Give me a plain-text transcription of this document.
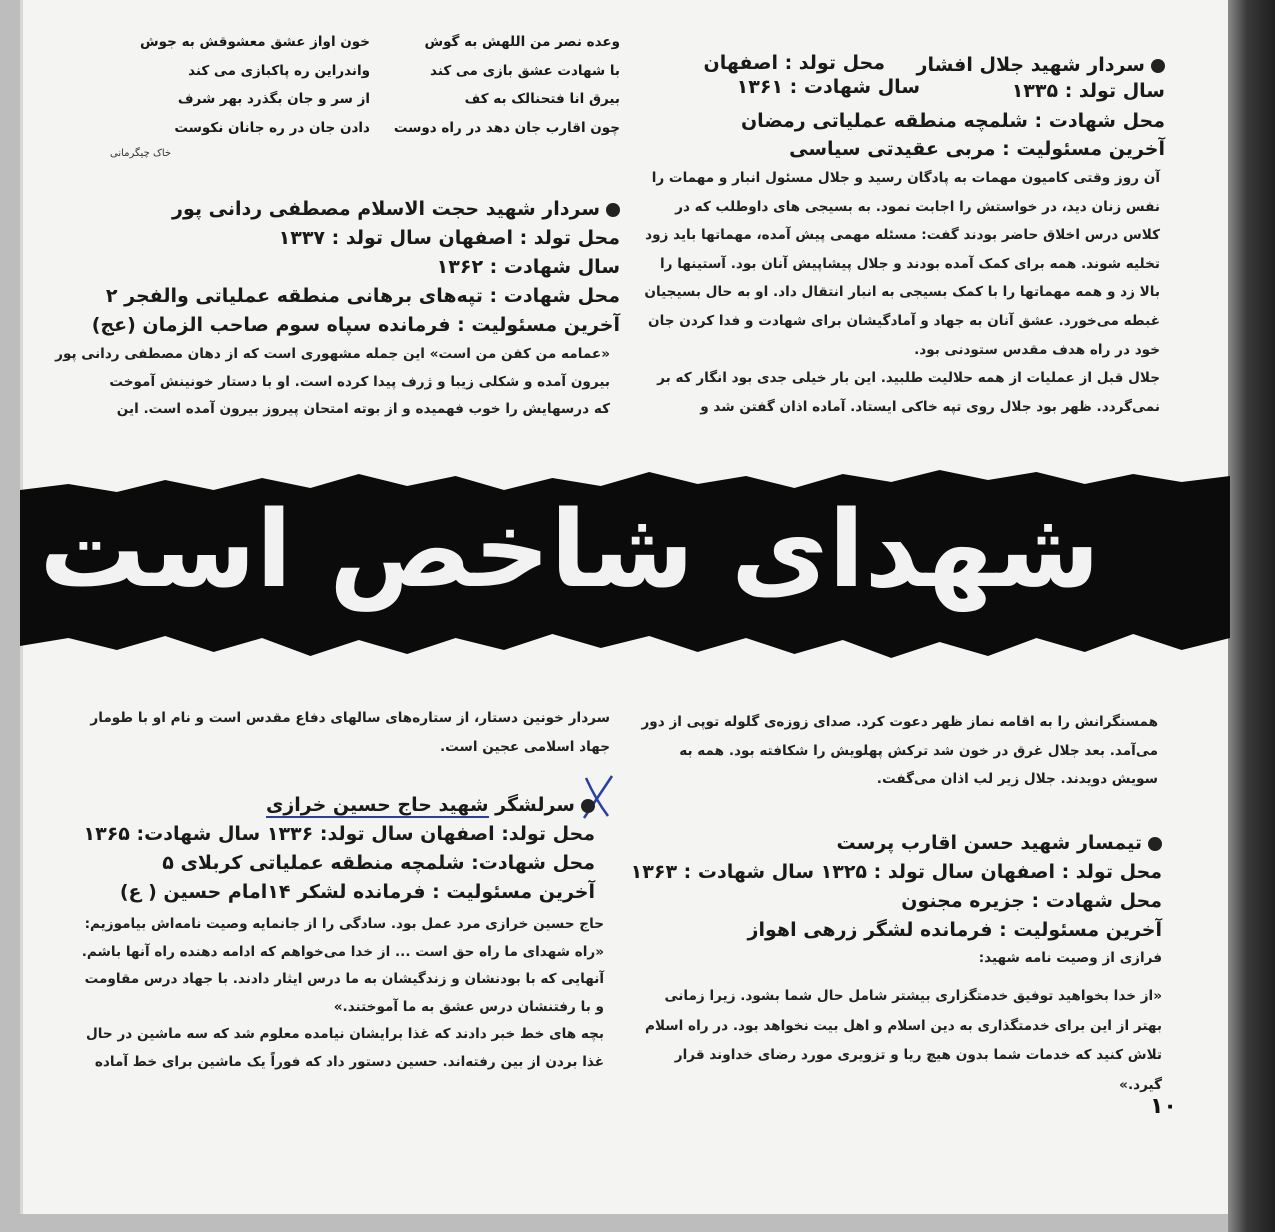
وعده نصر من اللهش به گوش

با شهادت عشق بازی می کند

بیرق انا فتحنالک به کف

چون اقارب جان دهد در راه دوست

خون اواز عشق معشوقش به جوش

واندراین ره پاکبازی می کند

از سر و جان بگذرد بهر شرف

دادن جان در ره جانان نکوست

خاک چیگرمانی
سردار شهید جلال افشار
محل تولد : اصفهان
سال تولد : ۱۳۳۵
سال شهادت : ۱۳۶۱

محل شهادت : شلمچه منطقه عملیاتی رمضان

آخرین مسئولیت : مربی عقیدتی سیاسی

آن روز وقتی کامیون مهمات به پادگان رسید و جلال مسئول انبار و مهمات را

نفس زنان دید، در خواستش را اجابت نمود. به بسیجی های داوطلب که در

کلاس درس اخلاق حاضر بودند گفت: مسئله مهمی پیش آمده، مهماتها باید زود

تخلیه شوند. همه برای کمک آمده بودند و جلال پیشاپیش آنان بود. آستینها را

بالا زد و همه مهماتها را با کمک بسیجی به انبار انتقال داد. او به حال بسیجیان

غبطه می‌خورد. عشق آنان به جهاد و آمادگیشان برای شهادت و فدا کردن جان

خود در راه هدف مقدس ستودنی بود.

جلال قبل از عملیات از همه حلالیت طلبید. این بار خیلی جدی بود انگار که بر

نمی‌گردد. ظهر بود جلال روی تپه خاکی ایستاد. آماده اذان گفتن شد و

سردار شهید حجت الاسلام مصطفی ردانی پور

محل تولد : اصفهان سال تولد : ۱۳۳۷

سال شهادت : ۱۳۶۲

محل شهادت : تپه‌های برهانی منطقه عملیاتی والفجر ۲

آخرین مسئولیت : فرمانده سپاه سوم صاحب الزمان (عج)

«عمامه من کفن من است» این جمله مشهوری است که از دهان مصطفی ردانی پور

بیرون آمده و شکلی زیبا و ژرف پیدا کرده است. او با دستار خونینش آموخت

که درسهایش را خوب فهمیده و از بوته امتحان پیروز بیرون آمده است. این

شهدای شاخص است

همسنگرانش را به اقامه نماز ظهر دعوت کرد. صدای زوزه‌ی گلوله توپی از دور

می‌آمد. بعد جلال غرق در خون شد ترکش پهلویش را شکافته بود. همه به

سویش دویدند. جلال زیر لب اذان می‌گفت.

سردار خونین دستار، از ستاره‌های سالهای دفاع مقدس است و نام او با طومار

جهاد اسلامی عجین است.

سرلشگر شهید حاج حسین خرازی

محل تولد: اصفهان سال تولد: ۱۳۳۶ سال شهادت: ۱۳۶۵

محل شهادت: شلمچه منطقه عملیاتی کربلای ۵

آخرین مسئولیت : فرمانده لشکر ۱۴امام حسین ( ع)

حاج حسین خرازی مرد عمل بود. سادگی را از جانمایه وصیت نامه‌اش بیاموزیم:

«راه شهدای ما راه حق است ... از خدا می‌خواهم که ادامه دهنده راه آنها باشم.

آنهایی که با بودنشان و زندگیشان به ما درس ایثار دادند. با جهاد درس مقاومت

و با رفتنشان درس عشق به ما آموختند.»

بچه های خط خبر دادند که غذا برایشان نیامده معلوم شد که سه ماشین در حال

غذا بردن از بین رفته‌اند. حسین دستور داد که فوراً یک ماشین برای خط آماده

تیمسار شهید حسن اقارب پرست

محل تولد : اصفهان سال تولد : ۱۳۲۵ سال شهادت : ۱۳۶۳

محل شهادت : جزیره مجنون

آخرین مسئولیت : فرمانده لشگر زرهی اهواز

فرازی از وصیت نامه شهید:

«از خدا بخواهید توفیق خدمتگزاری بیشتر شامل حال شما بشود. زیرا زمانی

بهتر از این برای خدمتگذاری به دین اسلام و اهل بیت نخواهد بود. در راه اسلام

تلاش کنید که خدمات شما بدون هیچ ریا و تزویری مورد رضای خداوند قرار

گیرد.»

۱۰
